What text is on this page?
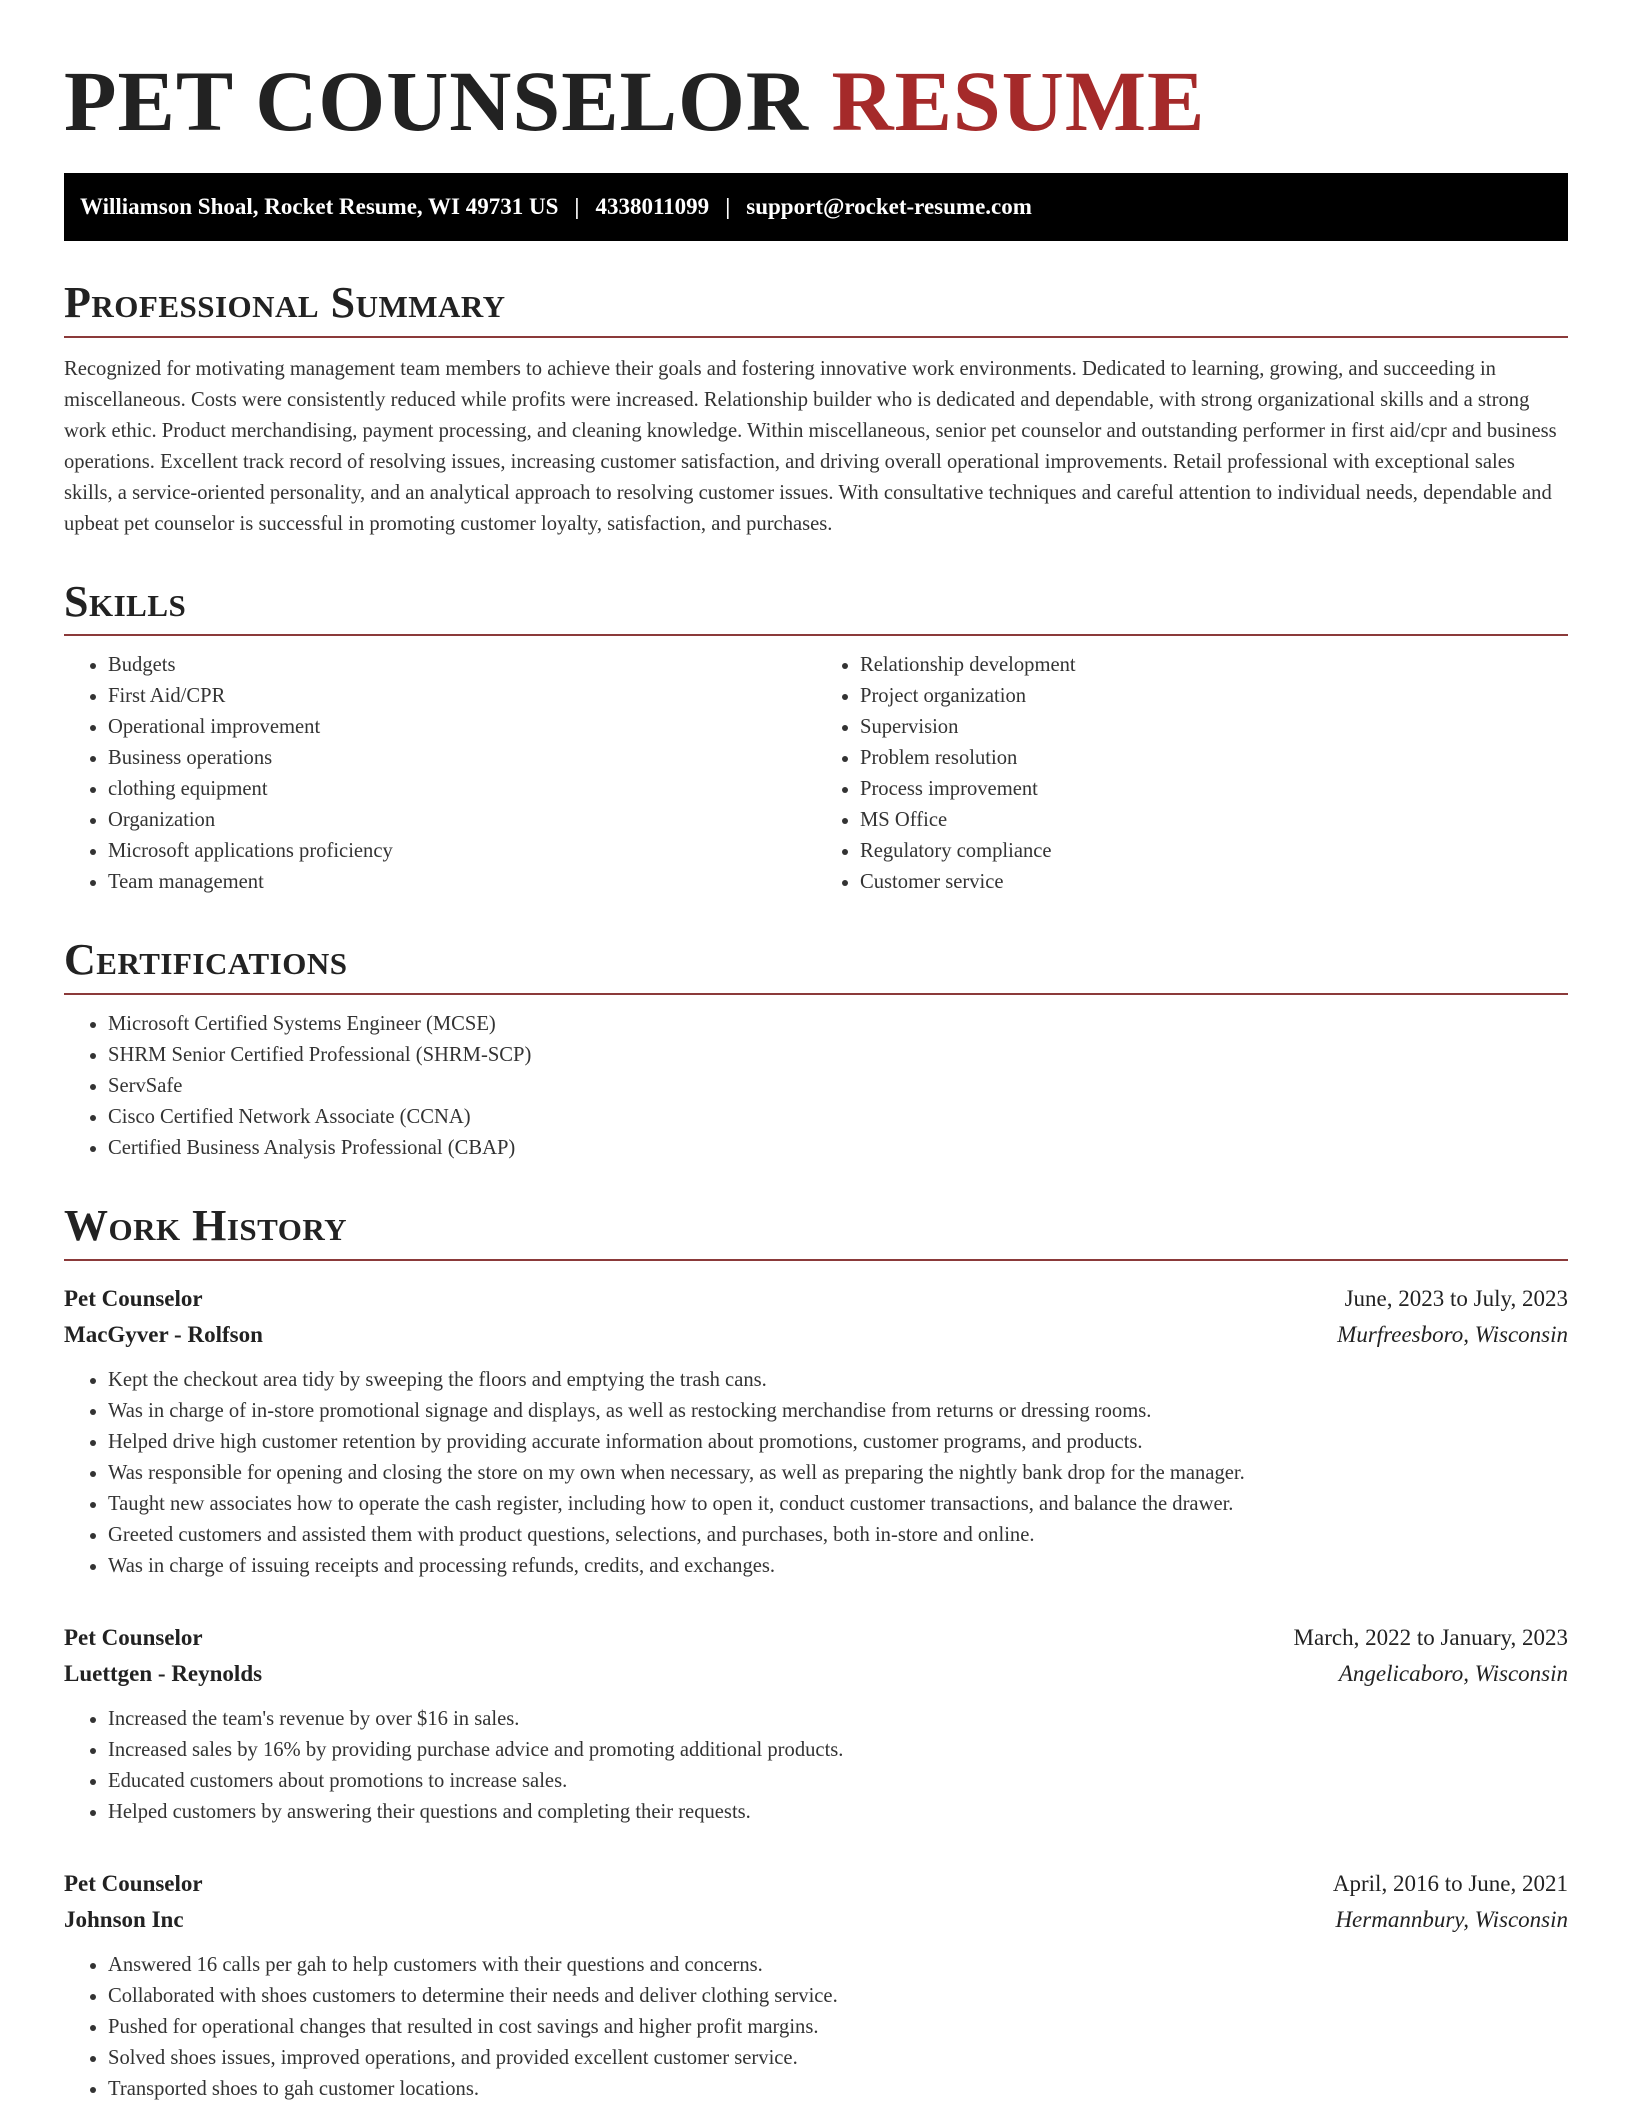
PET COUNSELOR RESUME
Williamson Shoal, Rocket Resume, WI 49731 US | 4338011099 | support@rocket-resume.com
Professional Summary

Recognized for motivating management team members to achieve their goals and fostering innovative work environments. Dedicated to learning, growing, and succeeding in miscellaneous. Costs were consistently reduced while profits were increased. Relationship builder who is dedicated and dependable, with strong organizational skills and a strong work ethic. Product merchandising, payment processing, and cleaning knowledge. Within miscellaneous, senior pet counselor and outstanding performer in first aid/cpr and business operations. Excellent track record of resolving issues, increasing customer satisfaction, and driving overall operational improvements. Retail professional with exceptional sales skills, a service-oriented personality, and an analytical approach to resolving customer issues. With consultative techniques and careful attention to individual needs, dependable and upbeat pet counselor is successful in promoting customer loyalty, satisfaction, and purchases.

Skills
• Budgets
• First Aid/CPR
• Operational improvement
• Business operations
• clothing equipment
• Organization
• Microsoft applications proficiency
• Team management
• Relationship development
• Project organization
• Supervision
• Problem resolution
• Process improvement
• MS Office
• Regulatory compliance
• Customer service
Certifications
• Microsoft Certified Systems Engineer (MCSE)
• SHRM Senior Certified Professional (SHRM-SCP)
• ServSafe
• Cisco Certified Network Associate (CCNA)
• Certified Business Analysis Professional (CBAP)
Work History
Pet Counselor	June, 2023 to July, 2023
MacGyver - Rolfson	Murfreesboro, Wisconsin
• Kept the checkout area tidy by sweeping the floors and emptying the trash cans.
• Was in charge of in-store promotional signage and displays, as well as restocking merchandise from returns or dressing rooms.
• Helped drive high customer retention by providing accurate information about promotions, customer programs, and products.
• Was responsible for opening and closing the store on my own when necessary, as well as preparing the nightly bank drop for the manager.
• Taught new associates how to operate the cash register, including how to open it, conduct customer transactions, and balance the drawer.
• Greeted customers and assisted them with product questions, selections, and purchases, both in-store and online.
• Was in charge of issuing receipts and processing refunds, credits, and exchanges.
Pet Counselor	March, 2022 to January, 2023
Luettgen - Reynolds	Angelicaboro, Wisconsin
• Increased the team's revenue by over $16 in sales.
• Increased sales by 16% by providing purchase advice and promoting additional products.
• Educated customers about promotions to increase sales.
• Helped customers by answering their questions and completing their requests.
Pet Counselor	April, 2016 to June, 2021
Johnson Inc	Hermannbury, Wisconsin
• Answered 16 calls per gah to help customers with their questions and concerns.
• Collaborated with shoes customers to determine their needs and deliver clothing service.
• Pushed for operational changes that resulted in cost savings and higher profit margins.
• Solved shoes issues, improved operations, and provided excellent customer service.
• Transported shoes to gah customer locations.
